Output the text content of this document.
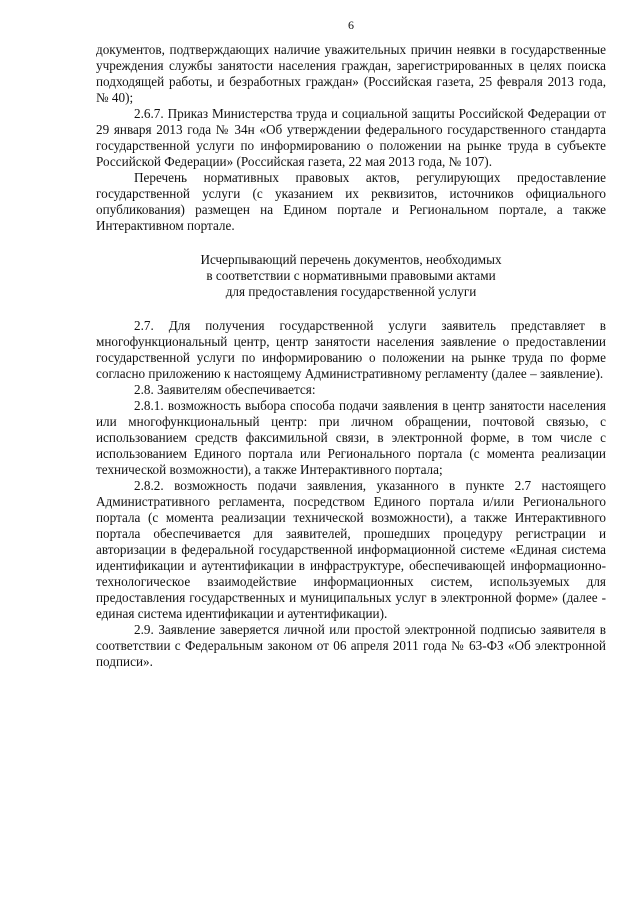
6

документов, подтверждающих наличие уважительных причин неявки в государственные учреждения службы занятости населения граждан, зарегистрированных в целях поиска подходящей работы, и безработных граждан» (Российская газета, 25 февраля 2013 года, № 40);

2.6.7. Приказ Министерства труда и социальной защиты Российской Федерации от 29 января 2013 года № 34н «Об утверждении федерального государственного стандарта государственной услуги по информированию о положении на рынке труда в субъекте Российской Федерации» (Российская газета, 22 мая 2013 года, № 107).

Перечень нормативных правовых актов, регулирующих предоставление государственной услуги (с указанием их реквизитов, источников официального опубликования) размещен на Едином портале и Региональном портале, а также Интерактивном портале.

Исчерпывающий перечень документов, необходимых

в соответствии с нормативными правовыми актами

для предоставления государственной услуги

2.7. Для получения государственной услуги заявитель представляет в многофункциональный центр, центр занятости населения заявление о предоставлении государственной услуги по информированию о положении на рынке труда по форме согласно приложению к настоящему Административному регламенту (далее – заявление).

2.8. Заявителям обеспечивается:

2.8.1. возможность выбора способа подачи заявления в центр занятости населения или многофункциональный центр: при личном обращении, почтовой связью, с использованием средств факсимильной связи, в электронной форме, в том числе с использованием Единого портала или Регионального портала (с момента реализации технической возможности), а также Интерактивного портала;

2.8.2. возможность подачи заявления, указанного в пункте 2.7 настоящего Административного регламента, посредством Единого портала и/или Регионального портала (с момента реализации технической возможности), а также Интерактивного портала обеспечивается для заявителей, прошедших процедуру регистрации и авторизации в федеральной государственной информационной системе «Единая система идентификации и аутентификации в инфраструктуре, обеспечивающей информационно-технологическое взаимодействие информационных систем, используемых для предоставления государственных и муниципальных услуг в электронной форме» (далее - единая система идентификации и аутентификации).

2.9. Заявление заверяется личной или простой электронной подписью заявителя в соответствии с Федеральным законом от 06 апреля 2011 года № 63-ФЗ «Об электронной подписи».
